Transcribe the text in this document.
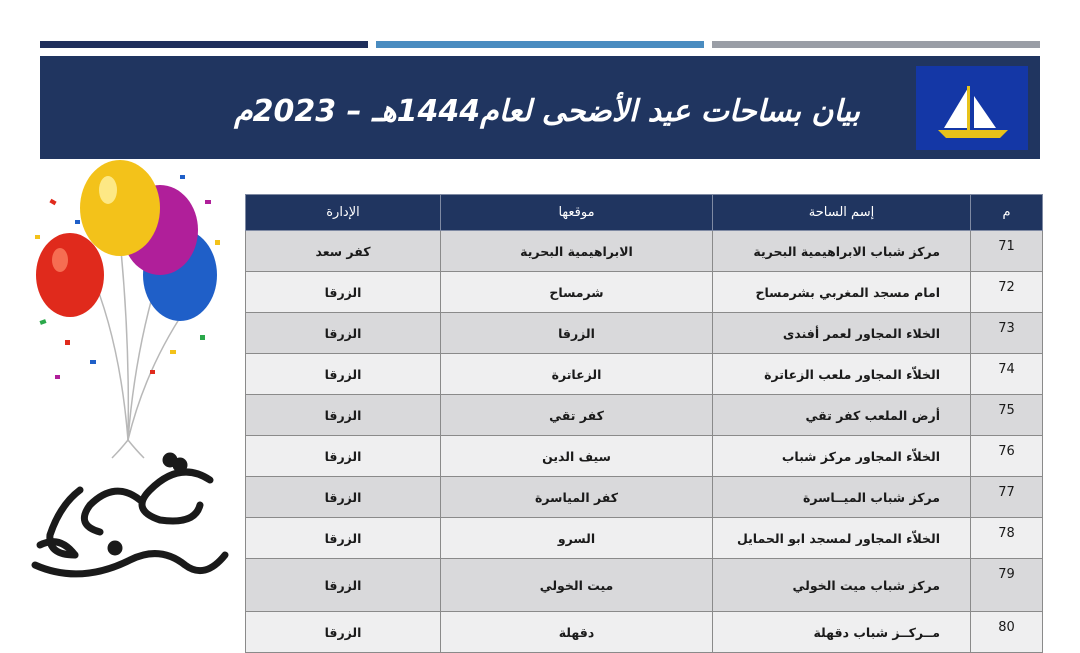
بيان بساحات عيد الأضحى لعام1444هـ – 2023م
م	إسم الساحة	موقعها	الإدارة
71	مركز شباب الابراهيمية البحرية	الابراهيمية البحرية	كفر سعد
72	امام مسجد المغربي بشرمساح	شرمساح	الزرقا
73	الخلاء المجاور لعمر أفندى	الزرقا	الزرقا
74	الخلاّء المجاور ملعب الزعاترة	الزعاترة	الزرقا
75	أرض الملعب كفر تقي	كفر تقي	الزرقا
76	الخلاّء المجاور مركز شباب	سيف الدين	الزرقا
77	مركز شباب الميــاسرة	كفر المياسرة	الزرقا
78	الخلاّء المجاور لمسجد ابو الحمايل	السرو	الزرقا
79	مركز شباب ميت الخولي	ميت الخولي	الزرقا
80	مــركــز شباب دقهلة	دقهلة	الزرقا
